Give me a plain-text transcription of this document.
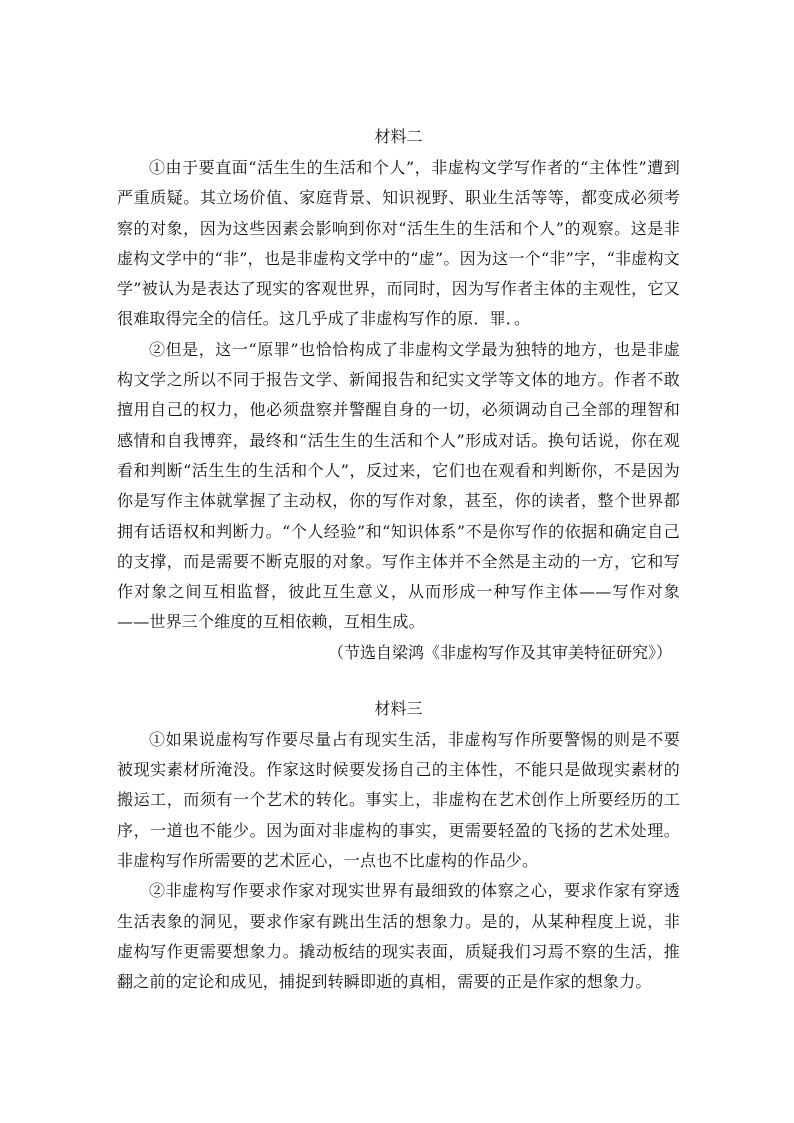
材料二

①由于要直面“活生生的生活和个人”，非虚构文学写作者的“主体性”遭到严重质疑。其立场价值、家庭背景、知识视野、职业生活等等，都变成必须考察的对象，因为这些因素会影响到你对“活生生的生活和个人”的观察。这是非虚构文学中的“非”，也是非虚构文学中的“虚”。因为这一个“非”字，“非虚构文学”被认为是表达了现实的客观世界，而同时，因为写作者主体的主观性，它又很难取得完全的信任。这几乎成了非虚构写作的原．罪．。

②但是，这一“原罪”也恰恰构成了非虚构文学最为独特的地方，也是非虚构文学之所以不同于报告文学、新闻报告和纪实文学等文体的地方。作者不敢擅用自己的权力，他必须盘察并警醒自身的一切，必须调动自己全部的理智和感情和自我博弈，最终和“活生生的生活和个人”形成对话。换句话说，你在观看和判断“活生生的生活和个人”，反过来，它们也在观看和判断你，不是因为你是写作主体就掌握了主动权，你的写作对象，甚至，你的读者，整个世界都拥有话语权和判断力。“个人经验”和“知识体系”不是你写作的依据和确定自己的支撑，而是需要不断克服的对象。写作主体并不全然是主动的一方，它和写作对象之间互相监督，彼此互生意义，从而形成一种写作主体——写作对象——世界三个维度的互相依赖，互相生成。

（节选自梁鸿《非虚构写作及其审美特征研究》）

材料三

①如果说虚构写作要尽量占有现实生活，非虚构写作所要警惕的则是不要被现实素材所淹没。作家这时候要发扬自己的主体性，不能只是做现实素材的搬运工，而须有一个艺术的转化。事实上，非虚构在艺术创作上所要经历的工序，一道也不能少。因为面对非虚构的事实，更需要轻盈的飞扬的艺术处理。非虚构写作所需要的艺术匠心，一点也不比虚构的作品少。

②非虚构写作要求作家对现实世界有最细致的体察之心，要求作家有穿透生活表象的洞见，要求作家有跳出生活的想象力。是的，从某种程度上说，非虚构写作更需要想象力。撬动板结的现实表面，质疑我们习焉不察的生活，推翻之前的定论和成见，捕捉到转瞬即逝的真相，需要的正是作家的想象力。
